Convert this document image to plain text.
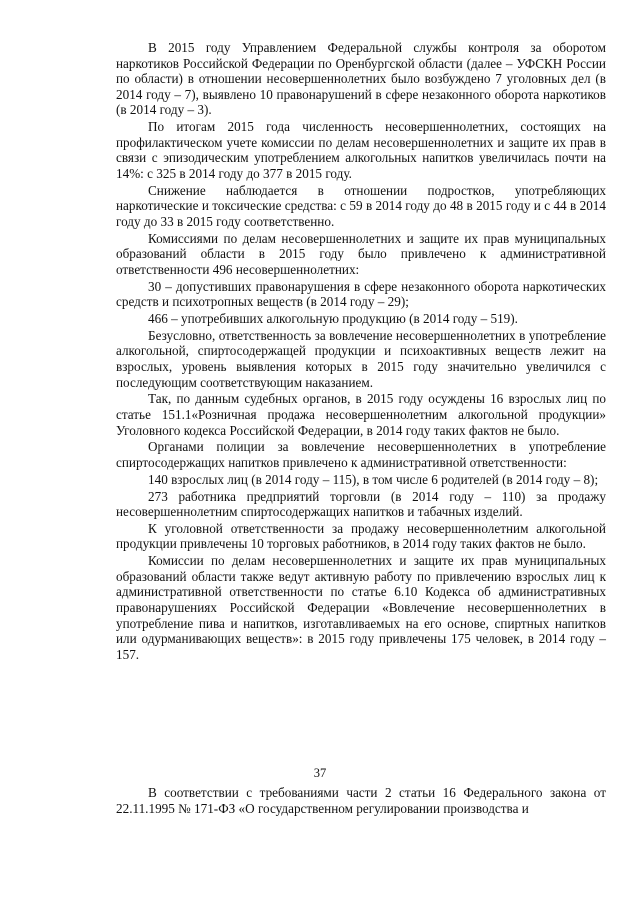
В 2015 году Управлением Федеральной службы контроля за оборотом наркотиков Российской Федерации по Оренбургской области (далее – УФСКН России по области) в отношении несовершеннолетних было возбуждено 7 уголовных дел (в 2014 году – 7), выявлено 10 правонарушений в сфере незаконного оборота наркотиков (в 2014 году – 3).

По итогам 2015 года численность несовершеннолетних, состоящих на профилактическом учете комиссии по делам несовершеннолетних и защите их прав в связи с эпизодическим употреблением алкогольных напитков увеличилась почти на 14%: с 325 в 2014 году до 377 в 2015 году.

Снижение наблюдается в отношении подростков, употребляющих наркотические и токсические средства: с 59 в 2014 году до 48 в 2015 году и с 44 в 2014 году до 33 в 2015 году соответственно.

Комиссиями по делам несовершеннолетних и защите их прав муниципальных образований области в 2015 году было привлечено к административной ответственности 496 несовершеннолетних:

30 – допустивших правонарушения в сфере незаконного оборота наркотических средств и психотропных веществ (в 2014 году – 29);

466 – употребивших алкогольную продукцию (в 2014 году – 519).

Безусловно, ответственность за вовлечение несовершеннолетних в употребление алкогольной, спиртосодержащей продукции и психоактивных веществ лежит на взрослых, уровень выявления которых в 2015 году значительно увеличился с последующим соответствующим наказанием.

Так, по данным судебных органов, в 2015 году осуждены 16 взрослых лиц по статье 151.1«Розничная продажа несовершеннолетним алкогольной продукции» Уголовного кодекса Российской Федерации, в 2014 году таких фактов не было.

Органами полиции за вовлечение несовершеннолетних в употребление спиртосодержащих напитков привлечено к административной ответственности:

140 взрослых лиц (в 2014 году – 115), в том числе 6 родителей (в 2014 году – 8);

273 работника предприятий торговли (в 2014 году – 110) за продажу несовершеннолетним спиртосодержащих напитков и табачных изделий.

К уголовной ответственности за продажу несовершеннолетним алкогольной продукции привлечены 10 торговых работников, в 2014 году таких фактов не было.

Комиссии по делам несовершеннолетних и защите их прав муниципальных образований области также ведут активную работу по привлечению взрослых лиц к административной ответственности по статье 6.10 Кодекса об административных правонарушениях Российской Федерации «Вовлечение несовершеннолетних в употребление пива и напитков, изготавливаемых на его основе, спиртных напитков или одурманивающих веществ»: в 2015 году привлечены 175 человек, в 2014 году – 157.

37

В соответствии с требованиями части 2 статьи 16 Федерального закона от 22.11.1995 № 171-ФЗ «О государственном регулировании производства и
